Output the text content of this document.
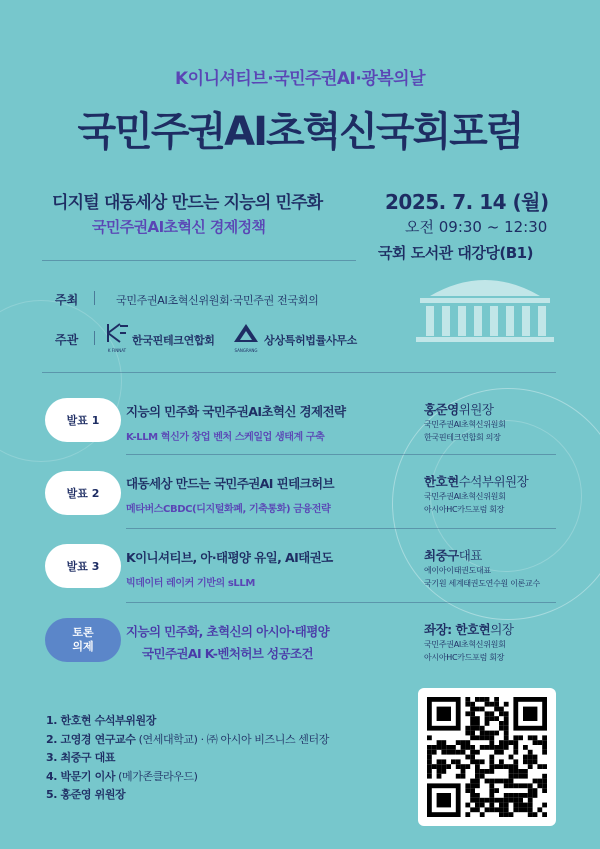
K이니셔티브·국민주권AI·광복의날
국민주권AI초혁신국회포럼
디지털 대동세상 만드는 지능의 민주화
국민주권AI초혁신 경제정책
2025. 7. 14 (월)
오전 09:30 ~ 12:30
국회 도서관 대강당(B1)
주최	국민주권AI초혁신위원회·국민주권 전국회의
주관
K FINNAT
한국핀테크연합회
SANGRANG
상상특허법률사무소
발표 1
지능의 민주화 국민주권AI초혁신 경제전략
K-LLM 혁신가 창업 벤처 스케일업 생태계 구축
홍준영위원장
국민주권AI초혁신위원회
한국핀테크연합회 의장
발표 2
대동세상 만드는 국민주권AI 핀테크허브
메타버스CBDC(디지털화폐, 기축통화) 금융전략
한호현수석부위원장
국민주권AI초혁신위원회
아시아HC카드포럼 회장
발표 3
K이니셔티브, 아·태평양 유일, AI태권도
빅데이터 레이커 기반의 sLLM
최중구대표
에이아이태권도대표
국기원 세계태권도연수원 이론교수
토론
의제
지능의 민주화, 초혁신의 아시아·태평양
국민주권AI K-벤처허브 성공조건
좌장: 한호현의장
국민주권AI초혁신위원회
아시아HC카드포럼 회장
1. 한호현 수석부위원장
2. 고영경 연구교수 (연세대학교) · ㈜ 아시아 비즈니스 센터장
3. 최중구 대표
4. 박문기 이사 (메가존클라우드)
5. 홍준영 위원장
